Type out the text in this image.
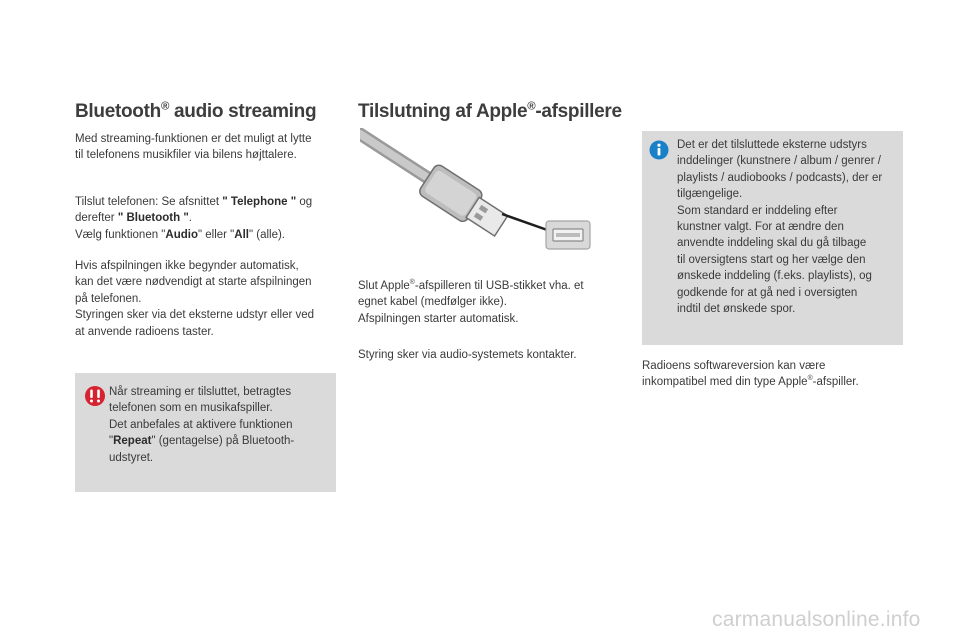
Bluetooth® audio streaming

Med streaming-funktionen er det muligt at lytte

til telefonens musikfiler via bilens højttalere.

Tilslut telefonen: Se afsnittet " Telephone " og

derefter " Bluetooth ".

Vælg funktionen "Audio" eller "All" (alle).

Hvis afspilningen ikke begynder automatisk,

kan det være nødvendigt at starte afspilningen

på telefonen.

Styringen sker via det eksterne udstyr eller ved

at anvende radioens taster.

Når streaming er tilsluttet, betragtes

telefonen som en musikafspiller.

Det anbefales at aktivere funktionen

"Repeat" (gentagelse) på Bluetooth-

udstyret.

Tilslutning af Apple®-afspillere

Slut Apple®-afspilleren til USB-stikket vha. et

egnet kabel (medfølger ikke).

Afspilningen starter automatisk.

Styring sker via audio-systemets kontakter.

Det er det tilsluttede eksterne udstyrs

inddelinger (kunstnere / album / genrer /

playlists / audiobooks / podcasts), der er

tilgængelige.

Som standard er inddeling efter

kunstner valgt. For at ændre den

anvendte inddeling skal du gå tilbage

til oversigtens start og her vælge den

ønskede inddeling (f.eks. playlists), og

godkende for at gå ned i oversigten

indtil det ønskede spor.

Radioens softwareversion kan være

inkompatibel med din type Apple®-afspiller.

carmanualsonline.info
